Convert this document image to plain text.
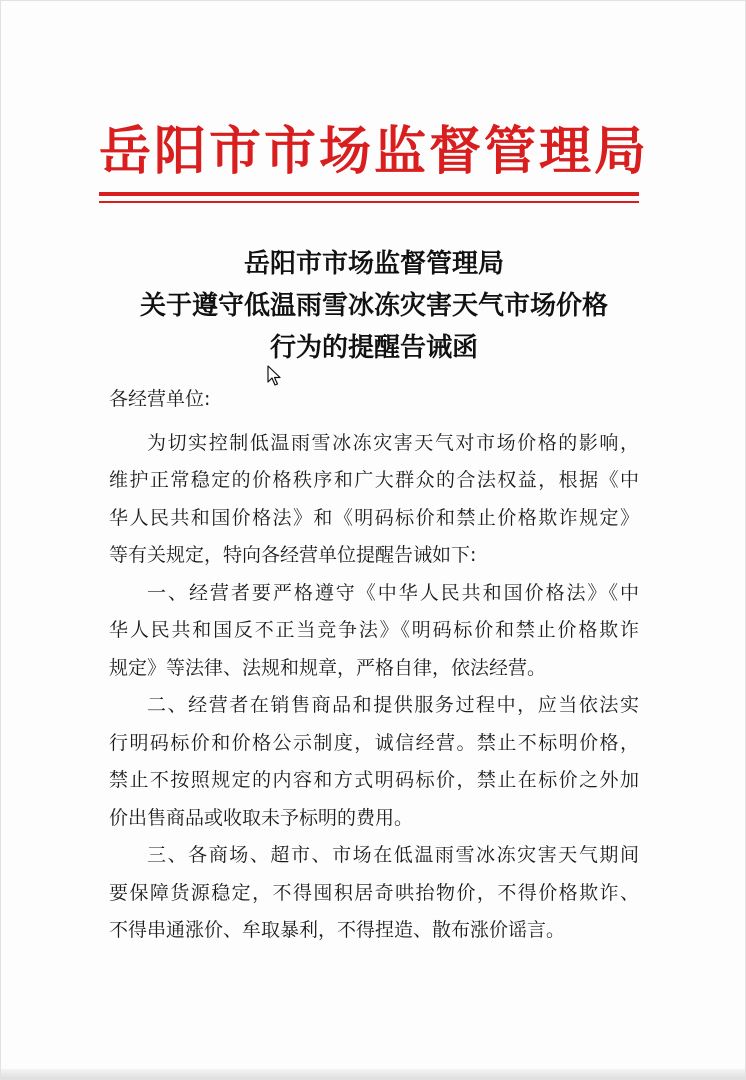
岳阳市市场监督管理局
岳阳市市场监督管理局
关于遵守低温雨雪冰冻灾害天气市场价格
行为的提醒告诫函
各经营单位:
为切实控制低温雨雪冰冻灾害天气对市场价格的影响，
维护正常稳定的价格秩序和广大群众的合法权益，根据《中
华人民共和国价格法》和《明码标价和禁止价格欺诈规定》
等有关规定，特向各经营单位提醒告诫如下:
一、经营者要严格遵守《中华人民共和国价格法》《中
华人民共和国反不正当竞争法》《明码标价和禁止价格欺诈
规定》等法律、法规和规章，严格自律，依法经营。
二、经营者在销售商品和提供服务过程中，应当依法实
行明码标价和价格公示制度，诚信经营。禁止不标明价格，
禁止不按照规定的内容和方式明码标价，禁止在标价之外加
价出售商品或收取未予标明的费用。
三、各商场、超市、市场在低温雨雪冰冻灾害天气期间
要保障货源稳定，不得囤积居奇哄抬物价，不得价格欺诈、
不得串通涨价、牟取暴利，不得捏造、散布涨价谣言。
